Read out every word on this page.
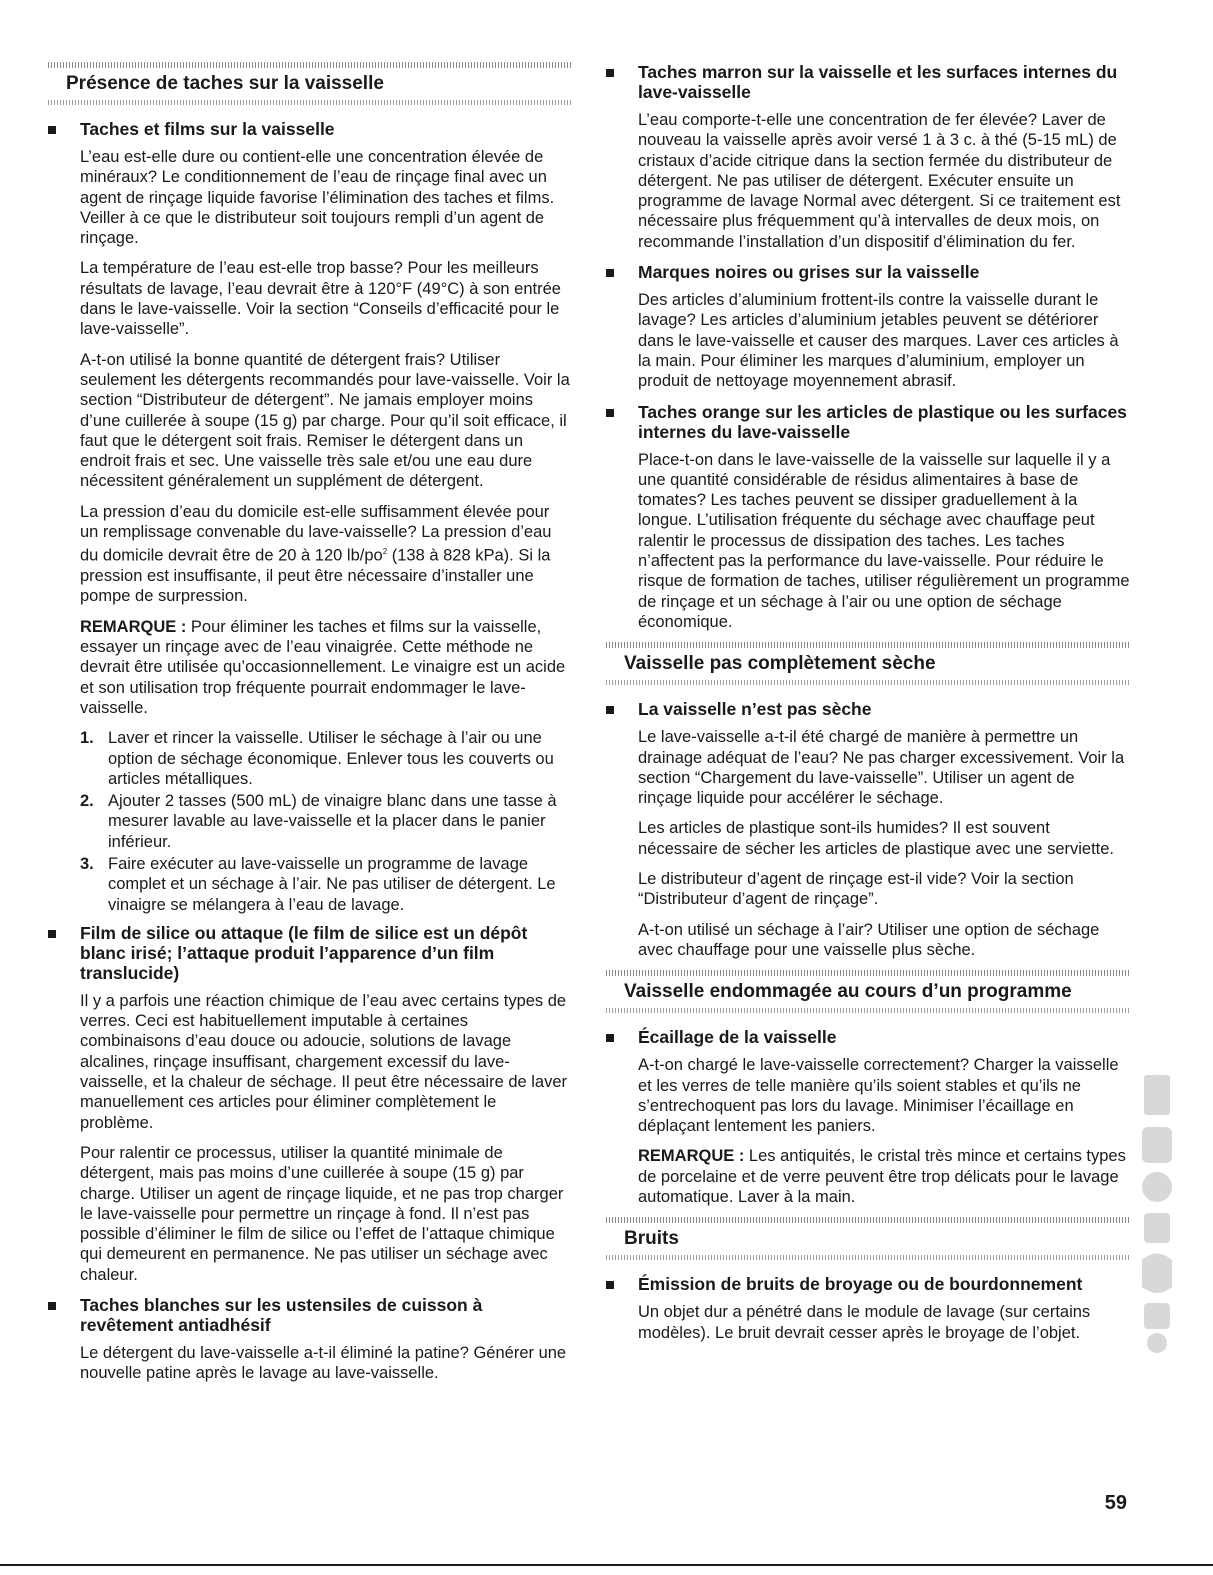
Présence de taches sur la vaisselle
Taches et films sur la vaisselle

L’eau est-elle dure ou contient-elle une concentration élevée de minéraux? Le conditionnement de l’eau de rinçage final avec un agent de rinçage liquide favorise l’élimination des taches et films. Veiller à ce que le distributeur soit toujours rempli d’un agent de rinçage.

La température de l’eau est-elle trop basse? Pour les meilleurs résultats de lavage, l’eau devrait être à 120°F (49°C) à son entrée dans le lave-vaisselle. Voir la section “Conseils d’efficacité pour le lave-vaisselle”.

A-t-on utilisé la bonne quantité de détergent frais? Utiliser seulement les détergents recommandés pour lave-vaisselle. Voir la section “Distributeur de détergent”. Ne jamais employer moins d’une cuillerée à soupe (15 g) par charge. Pour qu’il soit efficace, il faut que le détergent soit frais. Remiser le détergent dans un endroit frais et sec. Une vaisselle très sale et/ou une eau dure nécessitent généralement un supplément de détergent.

La pression d’eau du domicile est-elle suffisamment élevée pour un remplissage convenable du lave-vaisselle? La pression d’eau du domicile devrait être de 20 à 120 $lb/po^2$ (138 à 828 kPa). Si la pression est insuffisante, il peut être nécessaire d’installer une pompe de surpression.

REMARQUE : Pour éliminer les taches et films sur la vaisselle, essayer un rinçage avec de l’eau vinaigrée. Cette méthode ne devrait être utilisée qu’occasionnellement. Le vinaigre est un acide et son utilisation trop fréquente pourrait endommager le lave-vaisselle.

1. Laver et rincer la vaisselle. Utiliser le séchage à l’air ou une option de séchage économique. Enlever tous les couverts ou articles métalliques.
2. Ajouter 2 tasses (500 mL) de vinaigre blanc dans une tasse à mesurer lavable au lave-vaisselle et la placer dans le panier inférieur.
3. Faire exécuter au lave-vaisselle un programme de lavage complet et un séchage à l’air. Ne pas utiliser de détergent. Le vinaigre se mélangera à l’eau de lavage.
Film de silice ou attaque (le film de silice est un dépôt blanc irisé; l’attaque produit l’apparence d’un film translucide)

Il y a parfois une réaction chimique de l’eau avec certains types de verres. Ceci est habituellement imputable à certaines combinaisons d’eau douce ou adoucie, solutions de lavage alcalines, rinçage insuffisant, chargement excessif du lave-vaisselle, et la chaleur de séchage. Il peut être nécessaire de laver manuellement ces articles pour éliminer complètement le problème.

Pour ralentir ce processus, utiliser la quantité minimale de détergent, mais pas moins d’une cuillerée à soupe (15 g) par charge. Utiliser un agent de rinçage liquide, et ne pas trop charger le lave-vaisselle pour permettre un rinçage à fond. Il n’est pas possible d’éliminer le film de silice ou l’effet de l’attaque chimique qui demeurent en permanence. Ne pas utiliser un séchage avec chaleur.

Taches blanches sur les ustensiles de cuisson à revêtement antiadhésif

Le détergent du lave-vaisselle a-t-il éliminé la patine? Générer une nouvelle patine après le lavage au lave-vaisselle.

Taches marron sur la vaisselle et les surfaces internes du lave-vaisselle

L’eau comporte-t-elle une concentration de fer élevée? Laver de nouveau la vaisselle après avoir versé 1 à 3 c. à thé (5-15 mL) de cristaux d’acide citrique dans la section fermée du distributeur de détergent. Ne pas utiliser de détergent. Exécuter ensuite un programme de lavage Normal avec détergent. Si ce traitement est nécessaire plus fréquemment qu’à intervalles de deux mois, on recommande l’installation d’un dispositif d’élimination du fer.

Marques noires ou grises sur la vaisselle

Des articles d’aluminium frottent-ils contre la vaisselle durant le lavage? Les articles d’aluminium jetables peuvent se détériorer dans le lave-vaisselle et causer des marques. Laver ces articles à la main. Pour éliminer les marques d’aluminium, employer un produit de nettoyage moyennement abrasif.

Taches orange sur les articles de plastique ou les surfaces internes du lave-vaisselle

Place-t-on dans le lave-vaisselle de la vaisselle sur laquelle il y a une quantité considérable de résidus alimentaires à base de tomates? Les taches peuvent se dissiper graduellement à la longue. L’utilisation fréquente du séchage avec chauffage peut ralentir le processus de dissipation des taches. Les taches n’affectent pas la performance du lave-vaisselle. Pour réduire le risque de formation de taches, utiliser régulièrement un programme de rinçage et un séchage à l’air ou une option de séchage économique.

Vaisselle pas complètement sèche
La vaisselle n’est pas sèche

Le lave-vaisselle a-t-il été chargé de manière à permettre un drainage adéquat de l’eau? Ne pas charger excessivement. Voir la section “Chargement du lave-vaisselle”. Utiliser un agent de rinçage liquide pour accélérer le séchage.

Les articles de plastique sont-ils humides? Il est souvent nécessaire de sécher les articles de plastique avec une serviette.

Le distributeur d’agent de rinçage est-il vide? Voir la section “Distributeur d’agent de rinçage”.

A-t-on utilisé un séchage à l’air? Utiliser une option de séchage avec chauffage pour une vaisselle plus sèche.

Vaisselle endommagée au cours d’un programme
Écaillage de la vaisselle

A-t-on chargé le lave-vaisselle correctement? Charger la vaisselle et les verres de telle manière qu’ils soient stables et qu’ils ne s’entrechoquent pas lors du lavage. Minimiser l’écaillage en déplaçant lentement les paniers.

REMARQUE : Les antiquités, le cristal très mince et certains types de porcelaine et de verre peuvent être trop délicats pour le lavage automatique. Laver à la main.

Bruits
Émission de bruits de broyage ou de bourdonnement

Un objet dur a pénétré dans le module de lavage (sur certains modèles). Le bruit devrait cesser après le broyage de l’objet.

59
